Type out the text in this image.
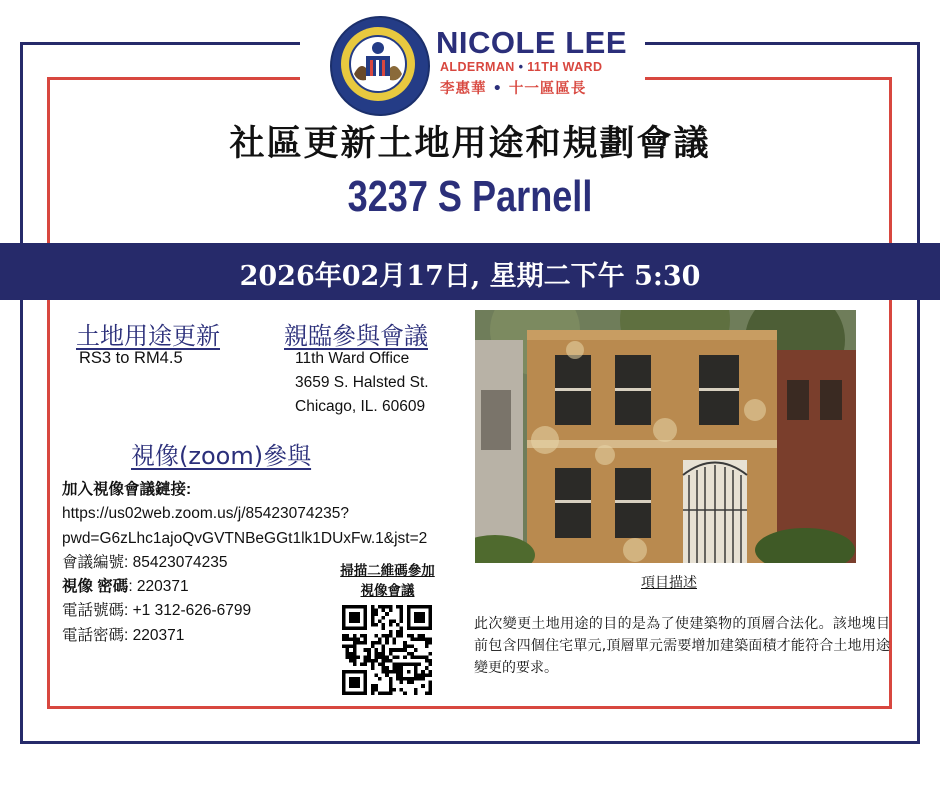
NICOLE LEE
ALDERMAN • 11TH WARD
李惠華 • 十一區區長
社區更新土地用途和規劃會議
3237 S Parnell
2026年02月17日, 星期二下午 5:30
土地用途更新
RS3 to RM4.5
親臨參與會議
11th Ward Office
3659 S. Halsted St.
Chicago, IL. 60609
視像(zoom)參與
加入視像會議鏈接:
https://us02web.zoom.us/j/85423074235?
pwd=G6zLhc1ajoQvGVTNBeGGt1lk1DUxFw.1&jst=2
會議編號: 85423074235
視像 密碼: 220371
電話號碼: +1 312-626-6799
電話密碼: 220371
掃描二維碼參加
視像會議	項目描述
此次變更土地用途的目的是為了使建築物的頂層合法化。該地塊目前包含四個住宅單元,頂層單元需要增加建築面積才能符合土地用途變更的要求。
